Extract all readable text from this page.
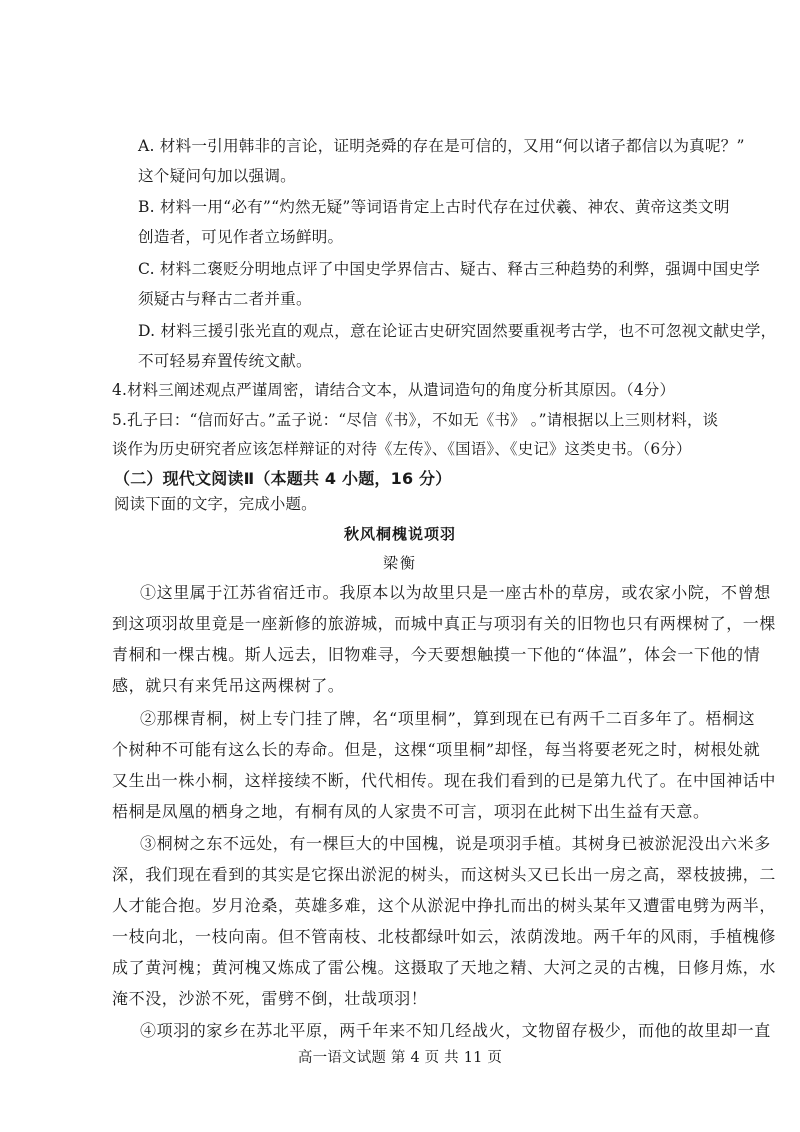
A. 材料一引用韩非的言论，证明尧舜的存在是可信的，又用“何以诸子都信以为真呢？”
这个疑问句加以强调。
B. 材料一用“必有”“灼然无疑”等词语肯定上古时代存在过伏羲、神农、黄帝这类文明
创造者，可见作者立场鲜明。
C. 材料二褒贬分明地点评了中国史学界信古、疑古、释古三种趋势的利弊，强调中国史学
须疑古与释古二者并重。
D. 材料三援引张光直的观点，意在论证古史研究固然要重视考古学，也不可忽视文献史学，
不可轻易弃置传统文献。
4.材料三阐述观点严谨周密，请结合文本，从遣词造句的角度分析其原因。（4分）
5.孔子曰：“信而好古。”孟子说：“尽信《书》，不如无《书》 。”请根据以上三则材料，谈
谈作为历史研究者应该怎样辩证的对待《左传》、《国语》、《史记》这类史书。（6分）
（二）现代文阅读Ⅱ（本题共 4 小题，16 分）
阅读下面的文字，完成小题。
秋风桐槐说项羽
梁衡
①这里属于江苏省宿迁市。我原本以为故里只是一座古朴的草房，或农家小院，不曾想
到这项羽故里竟是一座新修的旅游城，而城中真正与项羽有关的旧物也只有两棵树了，一棵
青桐和一棵古槐。斯人远去，旧物难寻，今天要想触摸一下他的“体温”，体会一下他的情
感，就只有来凭吊这两棵树了。
②那棵青桐，树上专门挂了牌，名“项里桐”，算到现在已有两千二百多年了。梧桐这
个树种不可能有这么长的寿命。但是，这棵“项里桐”却怪，每当将要老死之时，树根处就
又生出一株小桐，这样接续不断，代代相传。现在我们看到的已是第九代了。在中国神话中
梧桐是凤凰的栖身之地，有桐有凤的人家贵不可言，项羽在此树下出生益有天意。
③桐树之东不远处，有一棵巨大的中国槐，说是项羽手植。其树身已被淤泥没出六米多
深，我们现在看到的其实是它探出淤泥的树头，而这树头又已长出一房之高，翠枝披拂，二
人才能合抱。岁月沧桑，英雄多难，这个从淤泥中挣扎而出的树头某年又遭雷电劈为两半，
一枝向北，一枝向南。但不管南枝、北枝都绿叶如云，浓荫泼地。两千年的风雨，手植槐修
成了黄河槐；黄河槐又炼成了雷公槐。这摄取了天地之精、大河之灵的古槐，日修月炼，水
淹不没，沙淤不死，雷劈不倒，壮哉项羽！
④项羽的家乡在苏北平原，两千年来不知几经战火，文物留存极少，而他的故里却一直
高一语文试题 第 4 页 共 11 页
